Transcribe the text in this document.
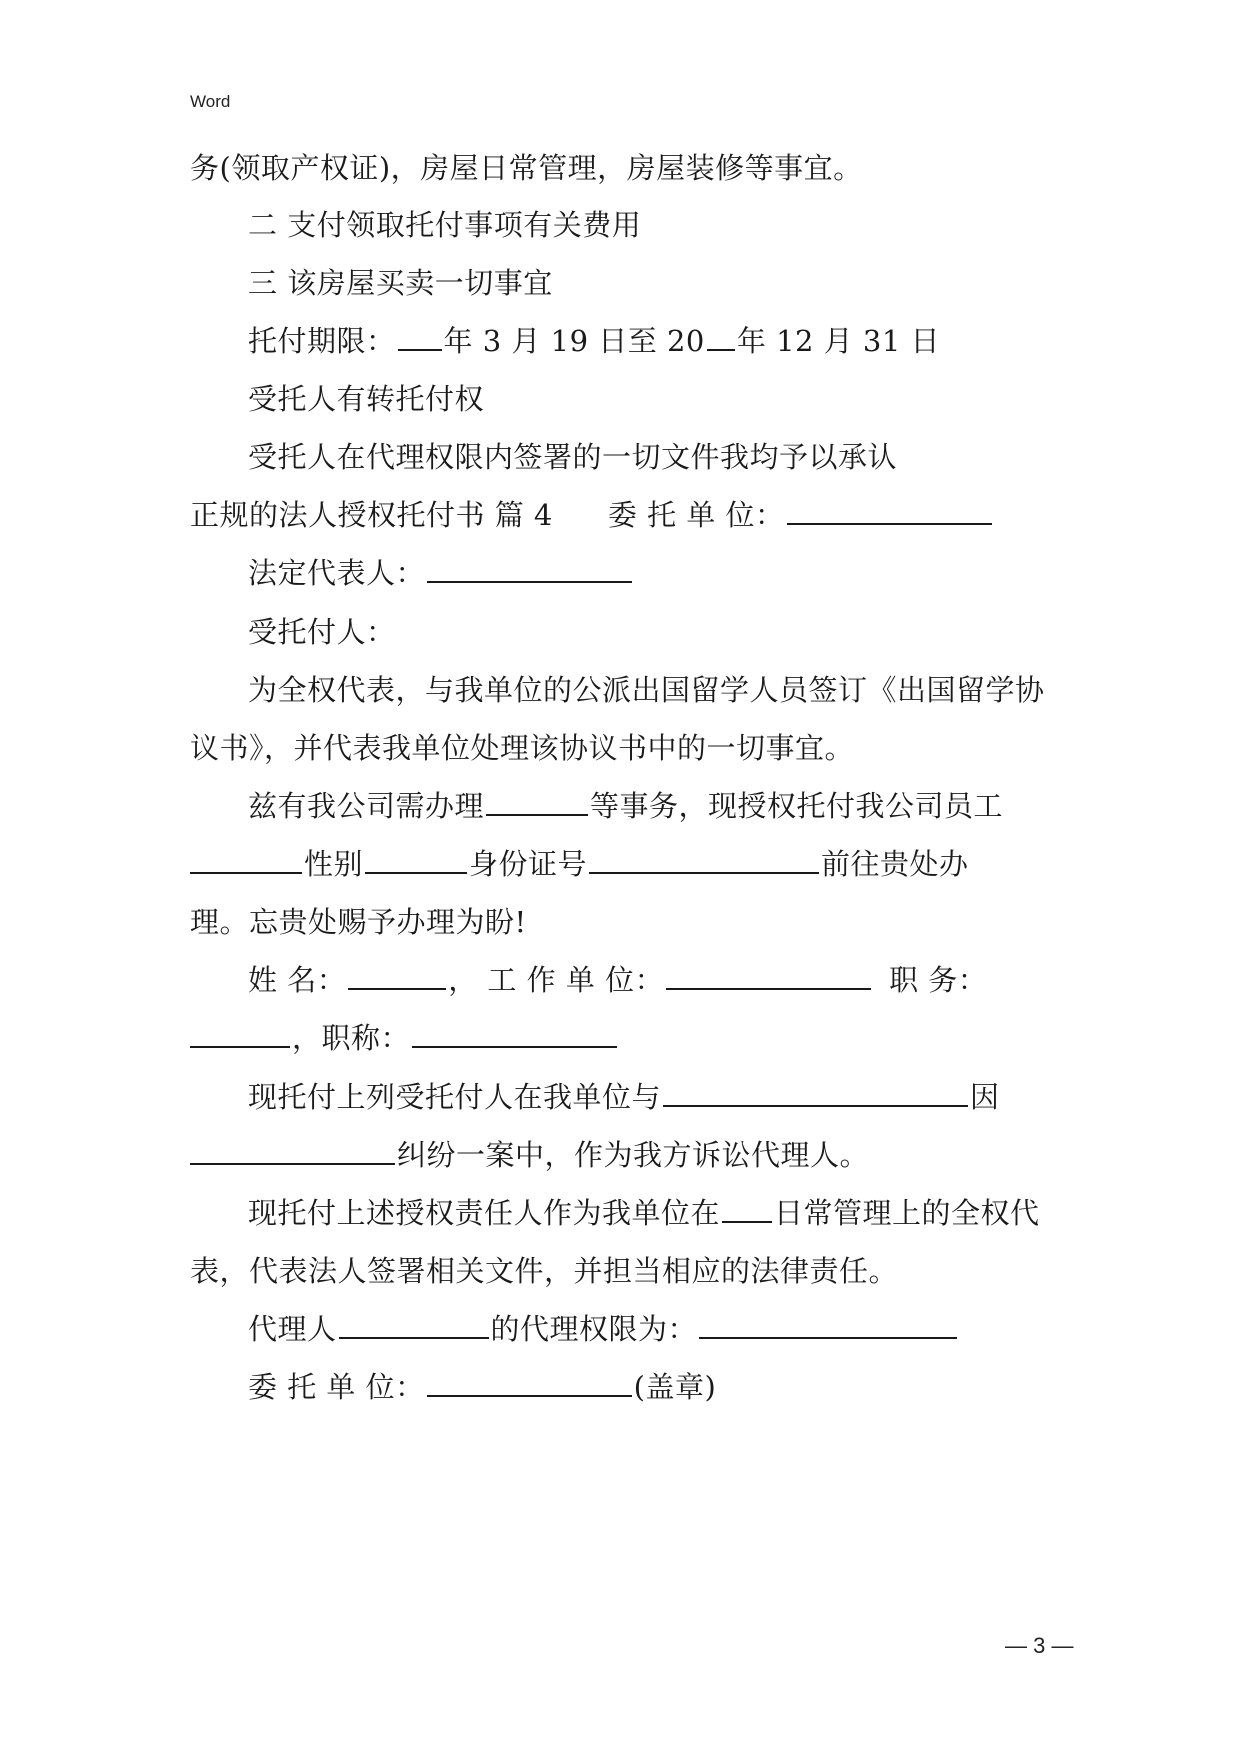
Word
务(领取产权证)，房屋日常管理，房屋装修等事宜。
二 支付领取托付事项有关费用
三 该房屋买卖一切事宜
托付期限： 年 3 月 19 日至 20 年 12 月 31 日
受托人有转托付权
受托人在代理权限内签署的一切文件我均予以承认
正规的法人授权托付书 篇 4 委 托 单 位：
法定代表人：
受托付人：
为全权代表，与我单位的公派出国留学人员签订《出国留学协
议书》，并代表我单位处理该协议书中的一切事宜。
兹有我公司需办理	等事务，现授权托付我公司员工
性别	身份证号	前往贵处办
理。忘贵处赐予办理为盼!
姓 名：	， 工 作 单 位：	职 务：
，职称：
现托付上列受托付人在我单位与	因
纠纷一案中，作为我方诉讼代理人。
现托付上述授权责任人作为我单位在 日常管理上的全权代
表，代表法人签署相关文件，并担当相应的法律责任。
代理人	的代理权限为：
委 托 单 位：	(盖章)
— 3 —
